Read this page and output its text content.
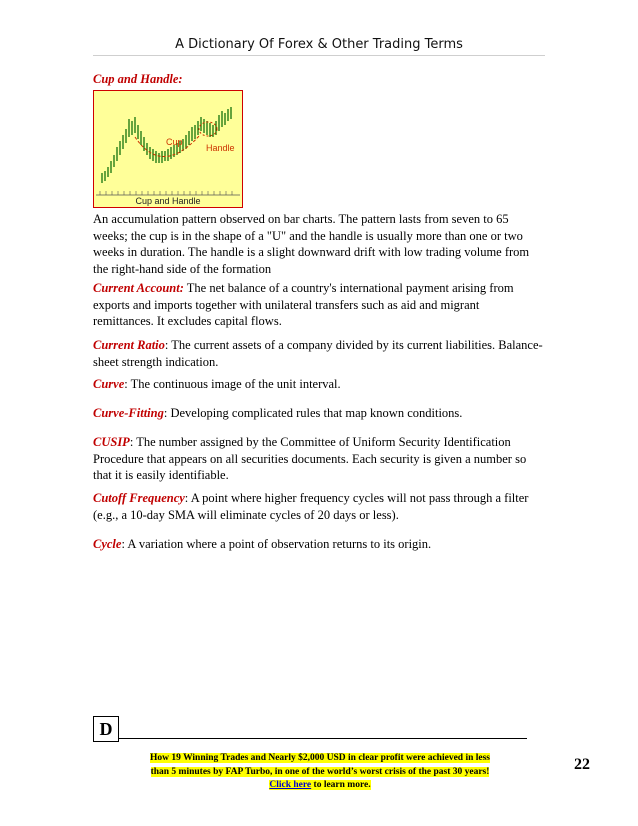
A Dictionary Of Forex & Other Trading Terms
Cup and Handle:
Cup
Handle
Cup and Handle
An accumulation pattern observed on bar charts. The pattern lasts from seven to 65 weeks; the cup is in the shape of a "U" and the handle is usually more than one or two weeks in duration. The handle is a slight downward drift with low trading volume from the right-hand side of the formation
Current Account: The net balance of a country's international payment arising from exports and imports together with unilateral transfers such as aid and migrant remittances. It excludes capital flows.
Current Ratio: The current assets of a company divided by its current liabilities. Balance-sheet strength indication.
Curve: The continuous image of the unit interval.
Curve-Fitting: Developing complicated rules that map known conditions.
CUSIP: The number assigned by the Committee of Uniform Security Identification Procedure that appears on all securities documents. Each security is given a number so that it is easily identifiable.
Cutoff Frequency: A point where higher frequency cycles will not pass through a filter (e.g., a 10-day SMA will eliminate cycles of 20 days or less).
Cycle: A variation where a point of observation returns to its origin.
D
How 19 Winning Trades and Nearly $2,000 USD in clear profit were achieved in less
than 5 minutes by FAP Turbo, in one of the world’s worst crisis of the past 30 years!
Click here to learn more.
22
